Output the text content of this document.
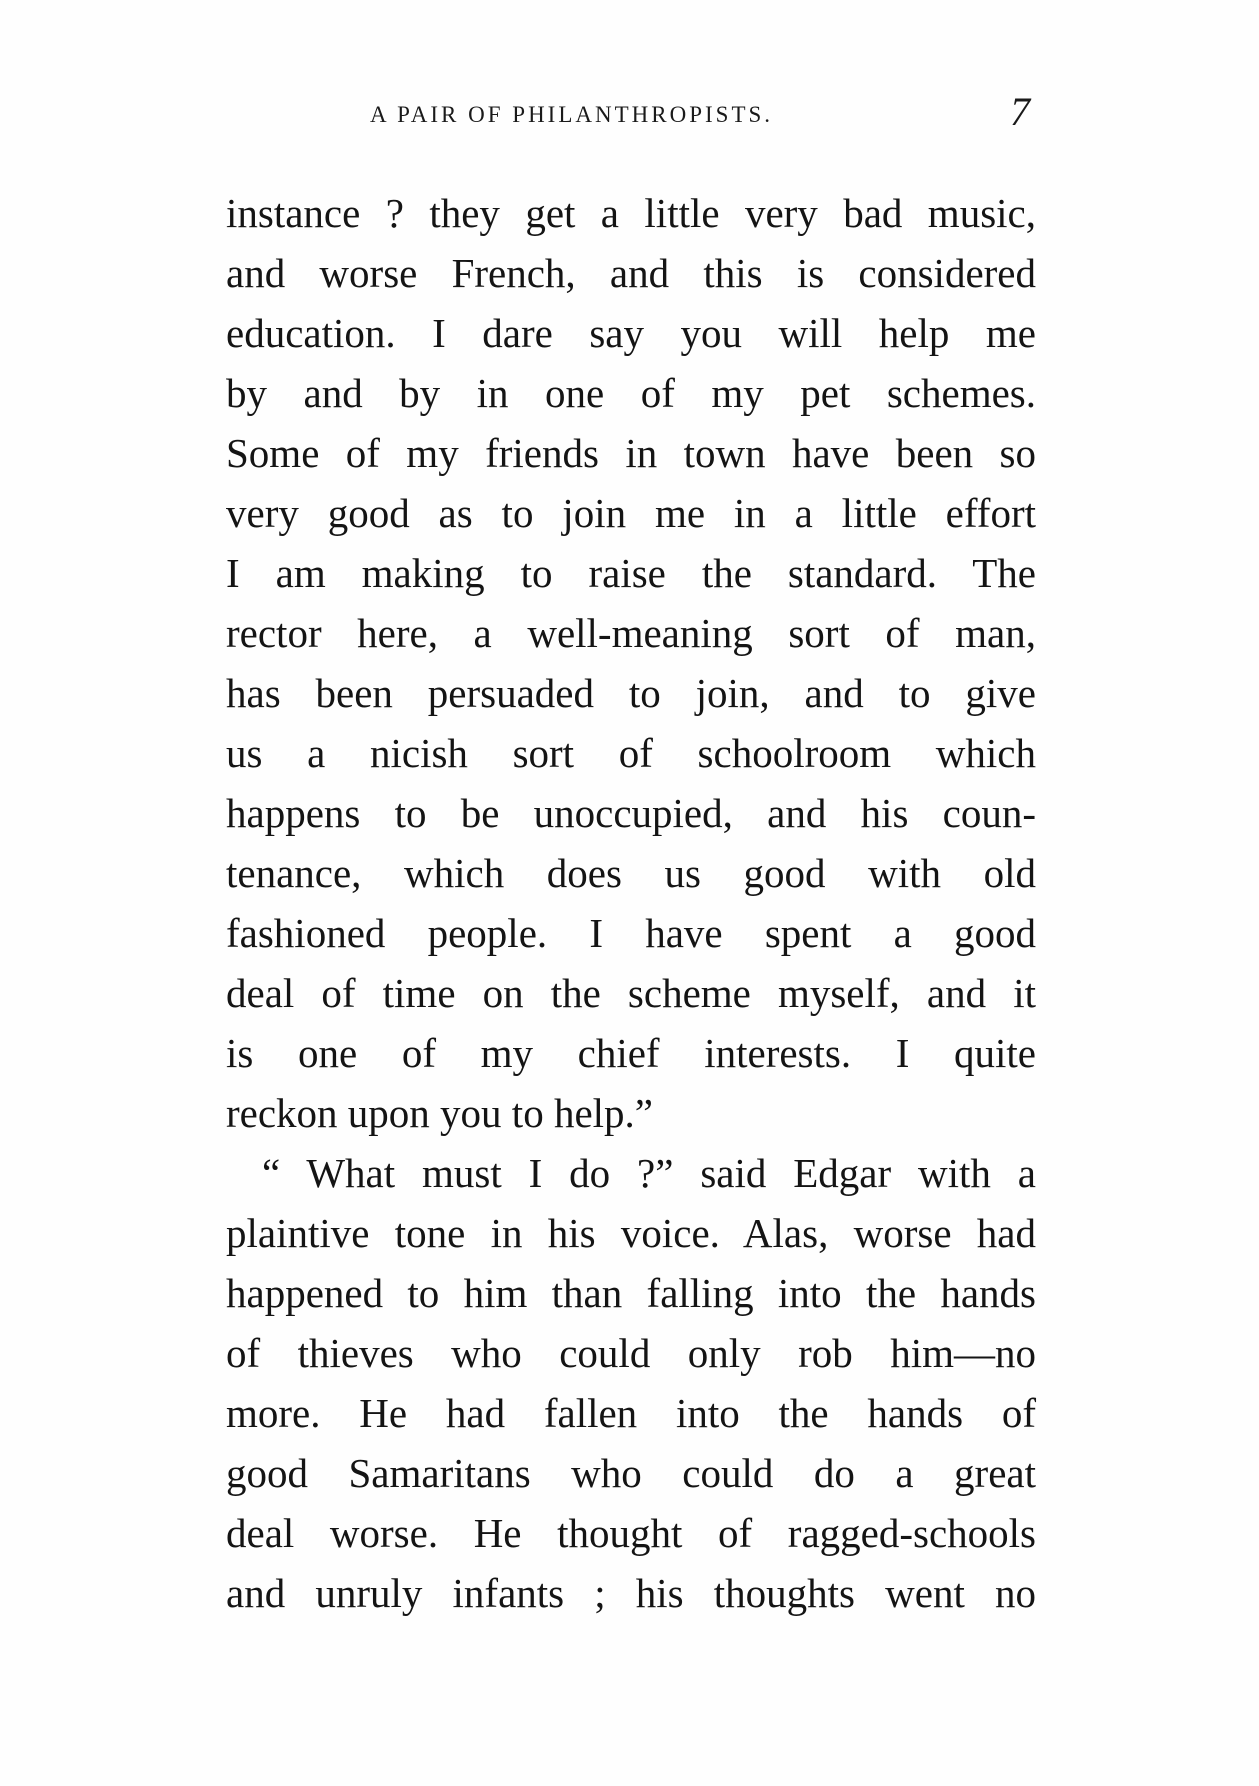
A PAIR OF PHILANTHROPISTS.	7
instance ? they get a little very bad music,
and worse French, and this is considered
education. I dare say you will help me
by and by in one of my pet schemes.
Some of my friends in town have been so
very good as to join me in a little effort
I am making to raise the standard. The
rector here, a well-meaning sort of man,
has been persuaded to join, and to give
us a nicish sort of schoolroom which
happens to be unoccupied, and his coun-
tenance, which does us good with old
fashioned people. I have spent a good
deal of time on the scheme myself, and it
is one of my chief interests. I quite
reckon upon you to help.”
“ What must I do ?” said Edgar with a
plaintive tone in his voice. Alas, worse had
happened to him than falling into the hands
of thieves who could only rob him—no
more. He had fallen into the hands of
good Samaritans who could do a great
deal worse. He thought of ragged-schools
and unruly infants ; his thoughts went no
